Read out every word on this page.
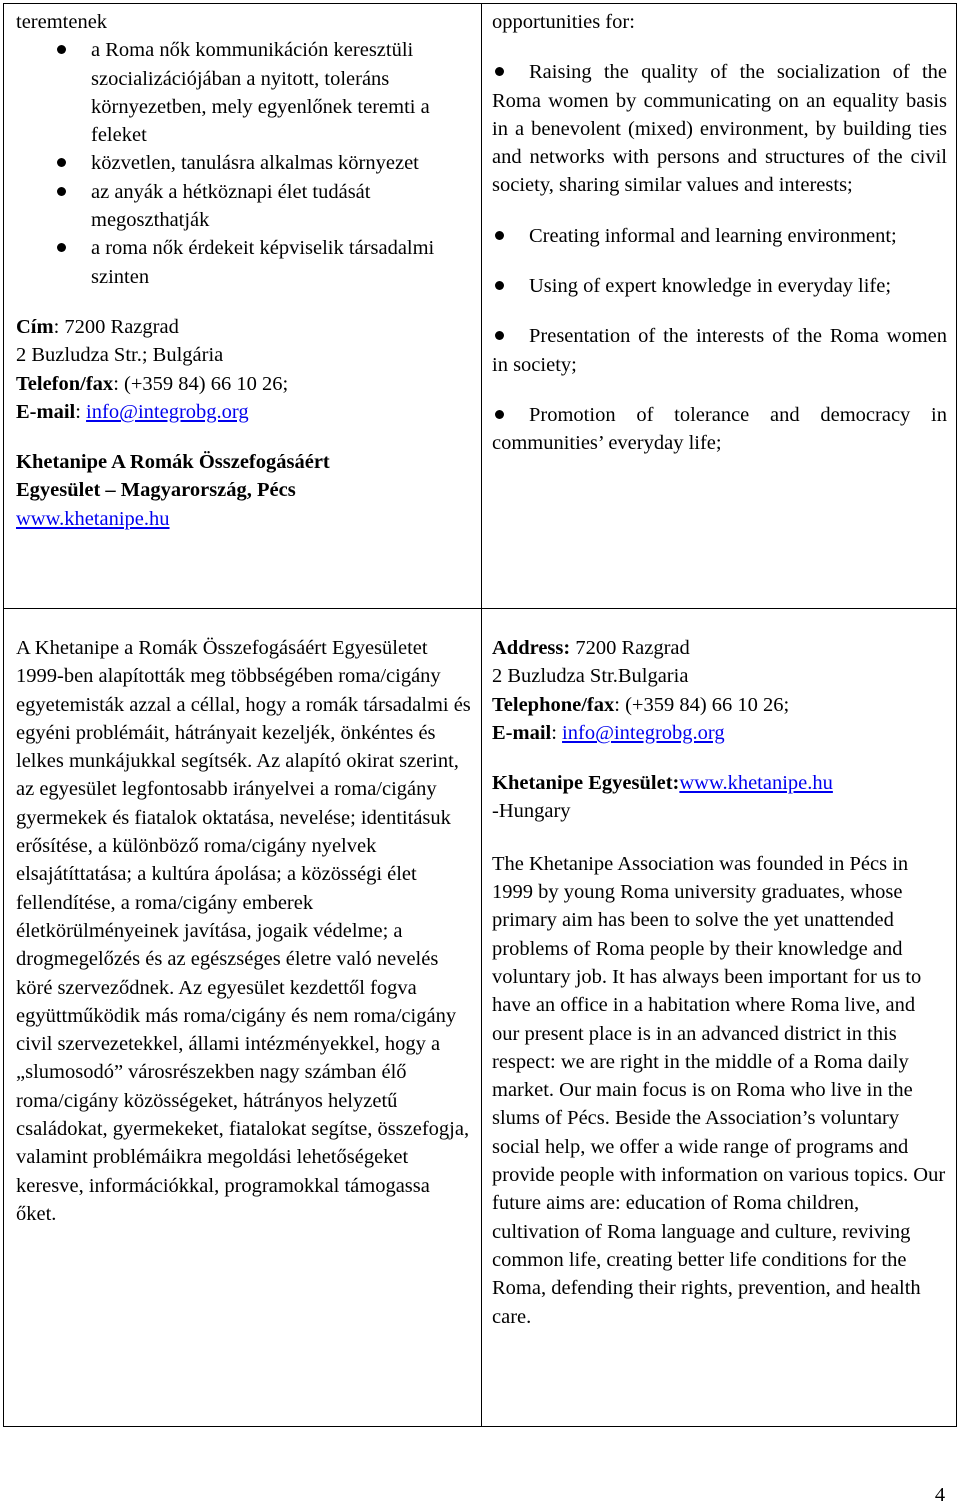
teremtenek

a Roma nők kommunikáción keresztüli szocializációjában a nyitott, toleráns környezetben, mely egyenlőnek teremti a feleket
közvetlen, tanulásra alkalmas környezet
az anyák a hétköznapi élet tudását megoszthatják
a roma nők érdekeit képviselik társadalmi szinten

Cím: 7200 Razgrad

2 Buzludza Str.; Bulgária

Telefon/fax: (+359 84) 66 10 26;

E-mail: info@integrobg.org

Khetanipe A Romák Összefogásáért

Egyesület – Magyarország, Pécs

www.khetanipe.hu

opportunities for:

Raising the quality of the socialization of the Roma women by communicating on an equality basis in a benevolent (mixed) environment, by building ties and networks with persons and structures of the civil society, sharing similar values and interests;
Creating informal and learning environment;
Using of expert knowledge in everyday life;
Presentation of the interests of the Roma women in society;
Promotion of tolerance and democracy in communities’ everyday life;

A Khetanipe a Romák Összefogásáért Egyesületet 1999-ben alapították meg többségében roma/cigány egyetemisták azzal a céllal, hogy a romák társadalmi és egyéni problémáit, hátrányait kezeljék, önkéntes és lelkes munkájukkal segítsék. Az alapító okirat szerint, az egyesület legfontosabb irányelvei a roma/cigány gyermekek és fiatalok oktatása, nevelése; identitásuk erősítése, a különböző roma/cigány nyelvek elsajátíttatása; a kultúra ápolása; a közösségi élet fellendítése, a roma/cigány emberek életkörülményeinek javítása, jogaik védelme; a drogmegelőzés és az egészséges életre való nevelés köré szerveződnek. Az egyesület kezdettől fogva együttműködik más roma/cigány és nem roma/cigány civil szervezetekkel, állami intézményekkel, hogy a „slumosodó” városrészekben nagy számban élő roma/cigány közösségeket, hátrányos helyzetű családokat, gyermekeket, fiatalokat segítse, összefogja, valamint problémáikra megoldási lehetőségeket keresve, információkkal, programokkal támogassa őket.

Address: 7200 Razgrad

2 Buzludza Str.Bulgaria

Telephone/fax: (+359 84) 66 10 26;

E-mail: info@integrobg.org

Khetanipe Egyesület:www.khetanipe.hu

-Hungary

The Khetanipe Association was founded in Pécs in 1999 by young Roma university graduates, whose primary aim has been to solve the yet unattended problems of Roma people by their knowledge and voluntary job. It has always been important for us to have an office in a habitation where Roma live, and our present place is in an advanced district in this respect: we are right in the middle of a Roma daily market. Our main focus is on Roma who live in the slums of Pécs. Beside the Association’s voluntary social help, we offer a wide range of programs and provide people with information on various topics. Our future aims are: education of Roma children, cultivation of Roma language and culture, reviving common life, creating better life conditions for the Roma, defending their rights, prevention, and health care.

4
